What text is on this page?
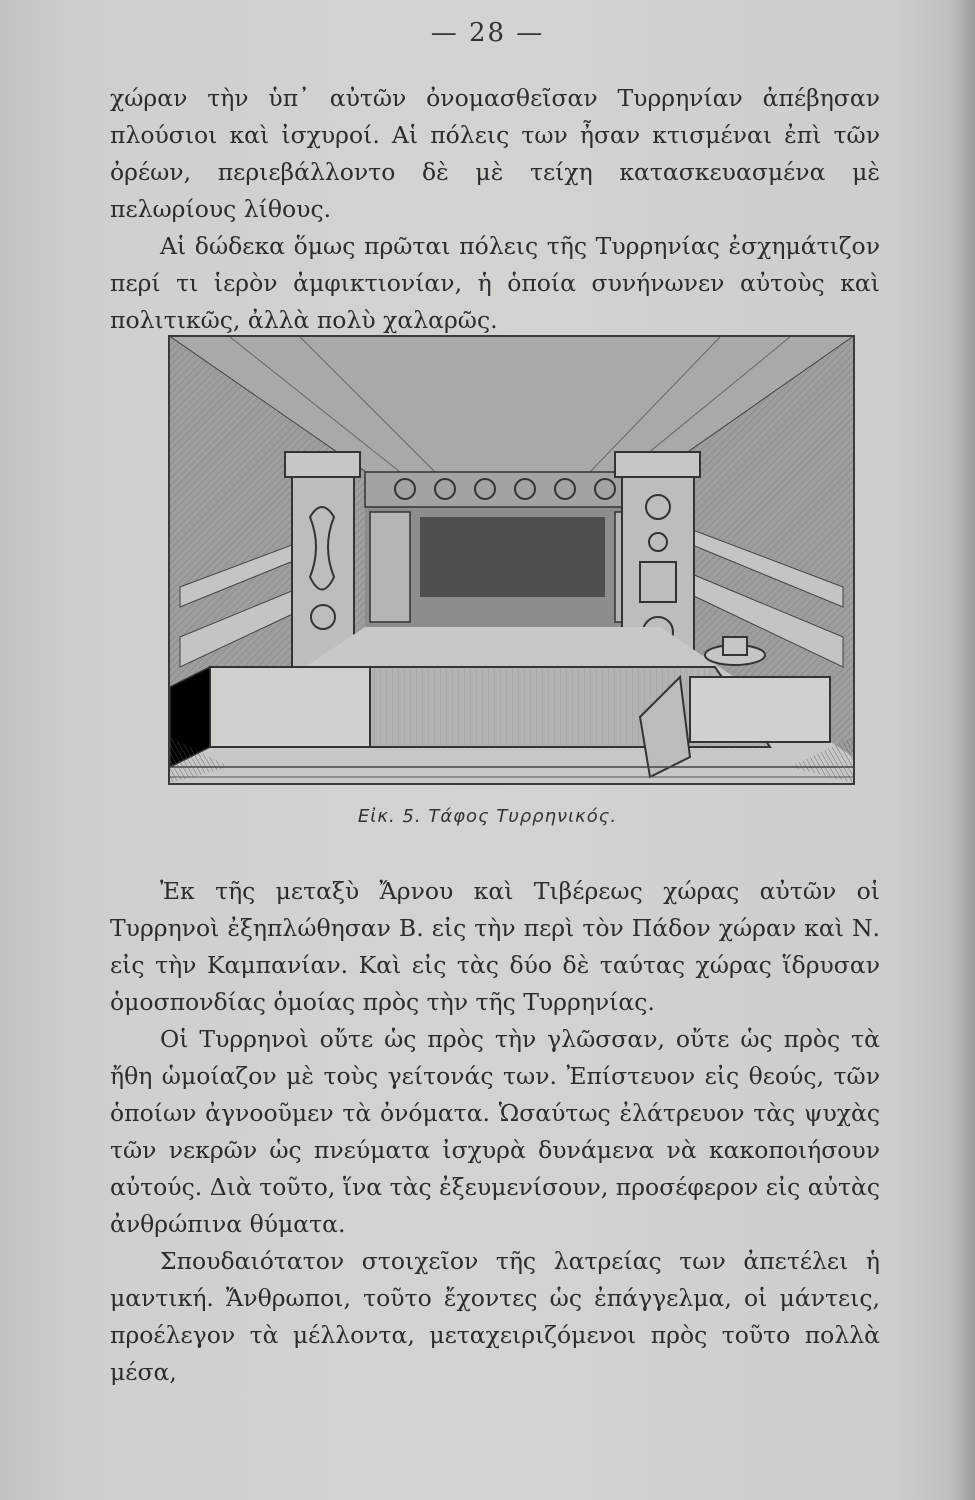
— 28 —

χώραν τὴν ὑπ᾽ αὐτῶν ὀνομασθεῖσαν Τυρρηνίαν ἀπέβησαν πλούσιοι καὶ ἰσχυροί. Αἱ πόλεις των ἦσαν κτισμέναι ἐπὶ τῶν ὀρέων, περιεβάλλοντο δὲ μὲ τείχη κατασκευασμένα μὲ πελωρίους λίθους.

Αἱ δώδεκα ὅμως πρῶται πόλεις τῆς Τυρρηνίας ἐσχημάτιζον περί τι ἱερὸν ἀμφικτιονίαν, ἡ ὁποία συνήνωνεν αὐτοὺς καὶ πολιτικῶς, ἀλλὰ πολὺ χαλαρῶς.

Εἰκ. 5. Τάφος Τυρρηνικός.

Ἐκ τῆς μεταξὺ Ἄρνου καὶ Τιβέρεως χώρας αὐτῶν οἱ Τυρρηνοὶ ἐξηπλώθησαν Β. εἰς τὴν περὶ τὸν Πάδον χώραν καὶ Ν. εἰς τὴν Καμπανίαν. Καὶ εἰς τὰς δύο δὲ ταύτας χώρας ἵδρυσαν ὁμοσπονδίας ὁμοίας πρὸς τὴν τῆς Τυρρηνίας.

Οἱ Τυρρηνοὶ οὔτε ὡς πρὸς τὴν γλῶσσαν, οὔτε ὡς πρὸς τὰ ἤθη ὡμοίαζον μὲ τοὺς γείτονάς των. Ἐπίστευον εἰς θεούς, τῶν ὁποίων ἀγνοοῦμεν τὰ ὀνόματα. Ὡσαύτως ἐλάτρευον τὰς ψυχὰς τῶν νεκρῶν ὡς πνεύματα ἰσχυρὰ δυνάμενα νὰ κακοποιήσουν αὐτούς. Διὰ τοῦτο, ἵνα τὰς ἐξευμενίσουν, προσέφερον εἰς αὐτὰς ἀνθρώπινα θύματα.

Σπουδαιότατον στοιχεῖον τῆς λατρείας των ἀπετέλει ἡ μαντική. Ἄνθρωποι, τοῦτο ἔχοντες ὡς ἐπάγγελμα, οἱ μάντεις, προέλεγον τὰ μέλλοντα, μεταχειριζόμενοι πρὸς τοῦτο πολλὰ μέσα,
